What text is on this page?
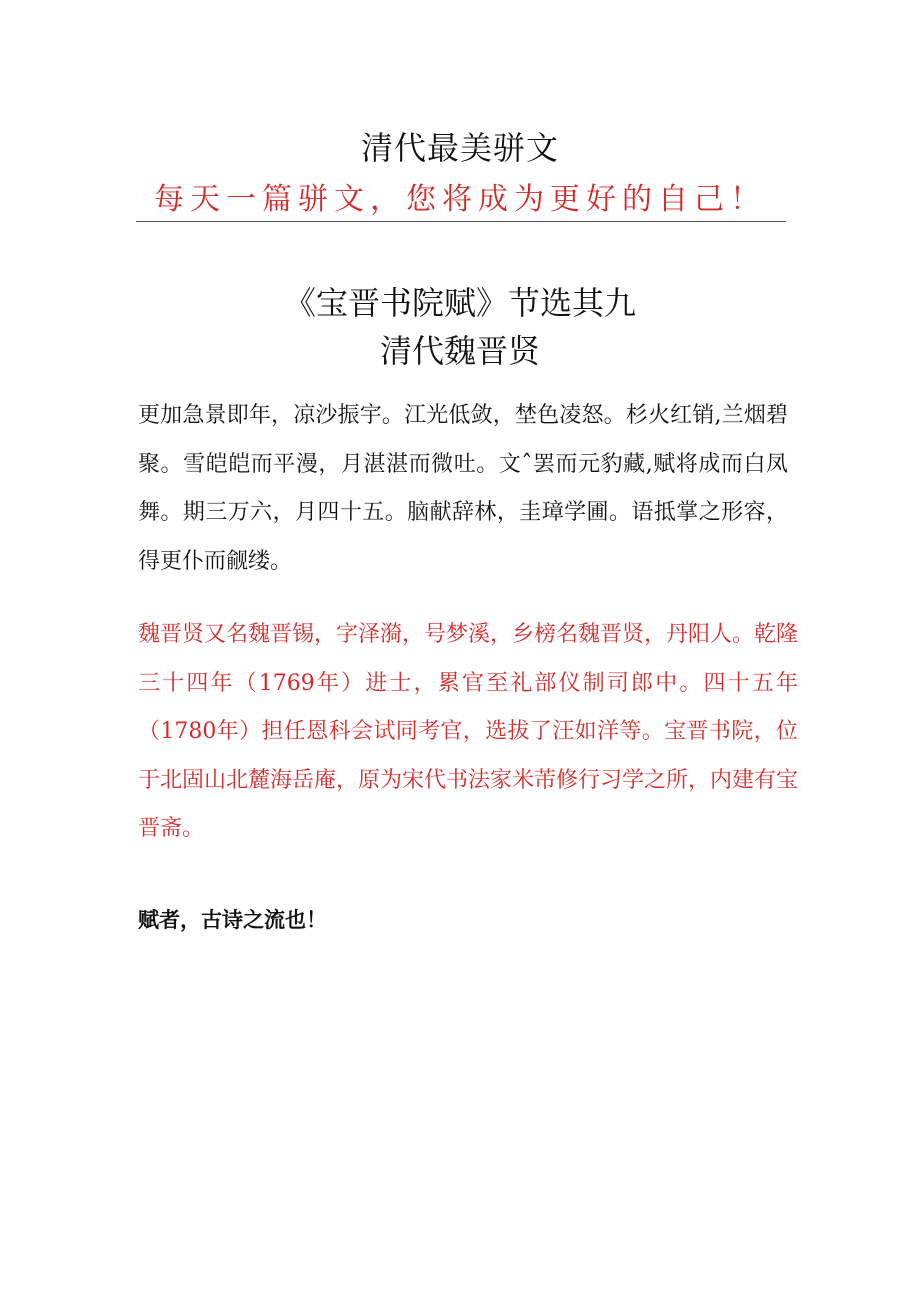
清代最美骈文
每天一篇骈文，您将成为更好的自己！
《宝晋书院赋》节选其九
清代魏晋贤

更加急景即年，凉沙振宇。江光低敛，埜色凌怒。杉火红销,兰烟碧聚。雪皑皑而平漫，月湛湛而微吐。文ˆ罢而元豹藏,赋将成而白凤舞。期三万六，月四十五。脑献辞林，圭璋学圃。语抵掌之形容，得更仆而觎缕。

魏晋贤又名魏晋锡，字泽漪，号梦溪，乡榜名魏晋贤，丹阳人。乾隆三十四年（1769年）进士，累官至礼部仪制司郎中。四十五年（1780年）担任恩科会试同考官，选拔了汪如洋等。宝晋书院，位于北固山北麓海岳庵，原为宋代书法家米芾修行习学之所，内建有宝晋斋。

赋者，古诗之流也！
